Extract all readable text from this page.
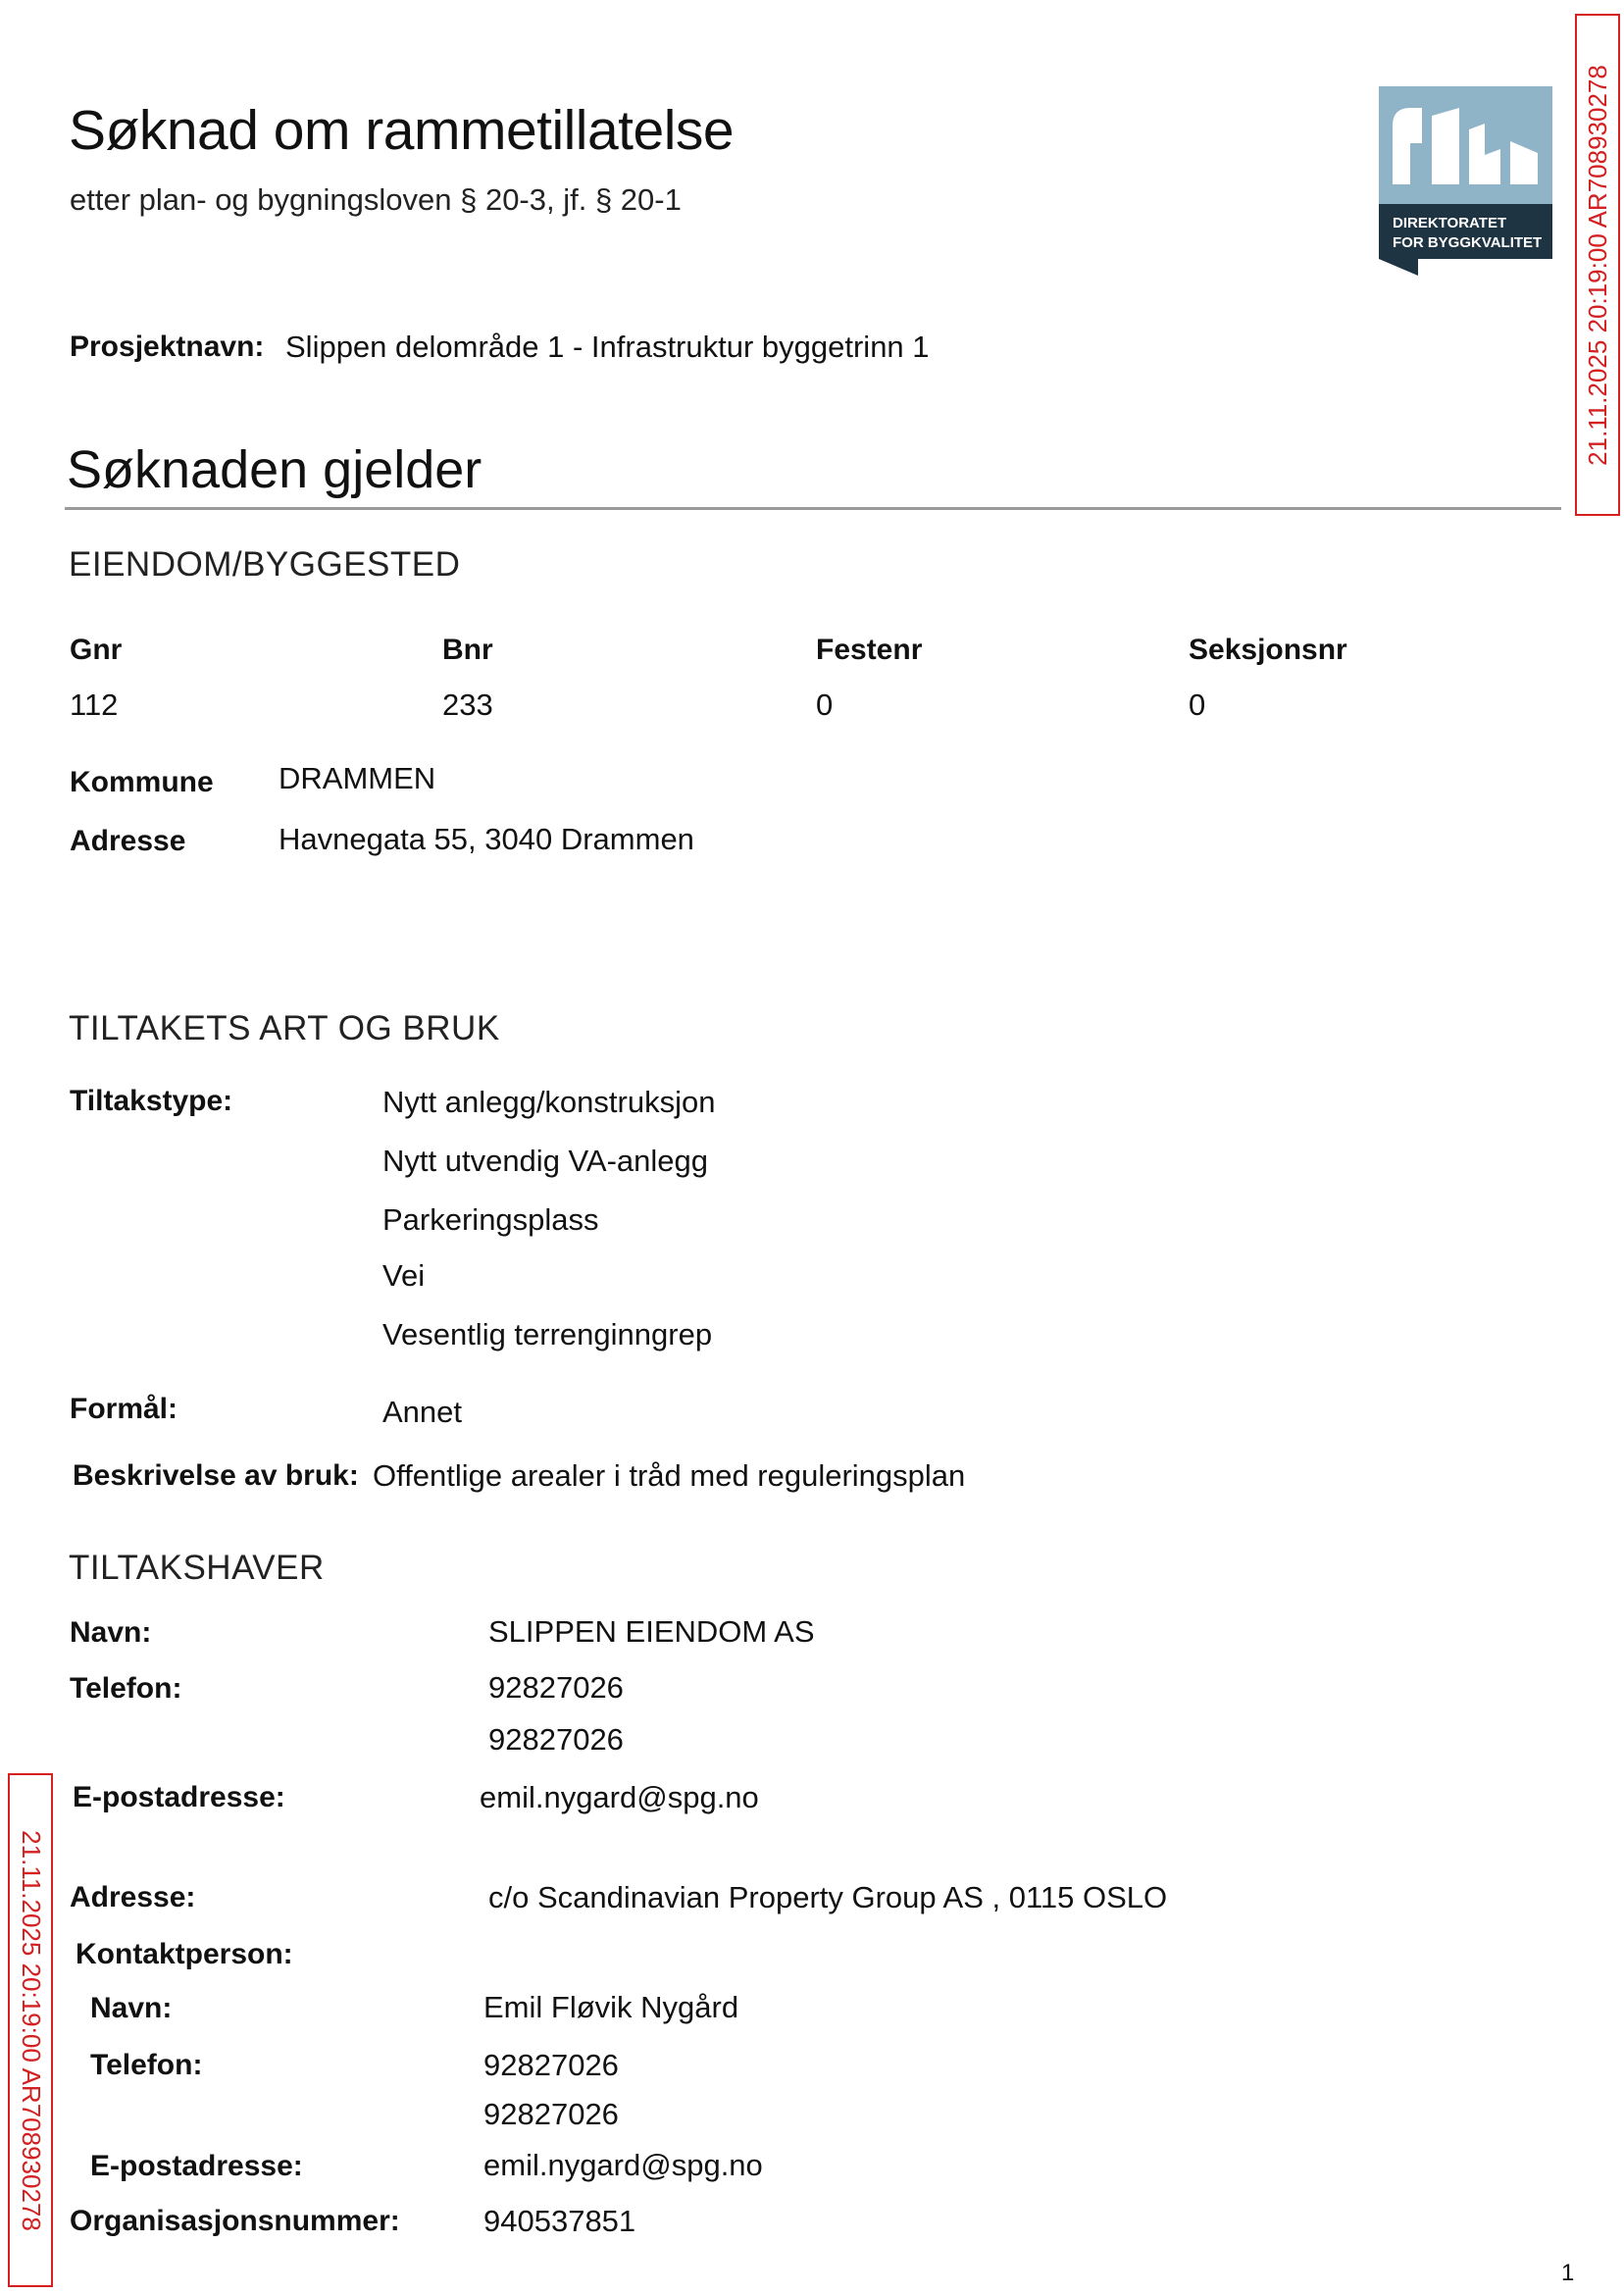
Søknad om rammetillatelse
etter plan- og bygningsloven § 20-3, jf. § 20-1
DIREKTORATET
FOR BYGGKVALITET 21.11.2025 20:19:00 AR708930278
21.11.2025 20:19:00 AR708930278
Prosjektnavn: Slippen delområde 1 - Infrastruktur byggetrinn 1
Søknaden gjelder
EIENDOM/BYGGESTED
Gnr	Bnr	Festenr	Seksjonsnr
112	233	0	0
Kommune DRAMMEN
Adresse	Havnegata 55, 3040 Drammen
TILTAKETS ART OG BRUK
Tiltakstype:	Nytt anlegg/konstruksjon
Nytt utvendig VA-anlegg
Parkeringsplass
Vei
Vesentlig terrenginngrep
Formål:	Annet
Beskrivelse av bruk: Offentlige arealer i tråd med reguleringsplan
TILTAKSHAVER
Navn:	SLIPPEN EIENDOM AS
Telefon:	92827026
92827026
E-postadresse:	emil.nygard@spg.no
Adresse:	c/o Scandinavian Property Group AS , 0115 OSLO
Kontaktperson:
Navn:	Emil Fløvik Nygård
Telefon:	92827026
92827026
E-postadresse:	emil.nygard@spg.no
Organisasjonsnummer:	940537851
1
